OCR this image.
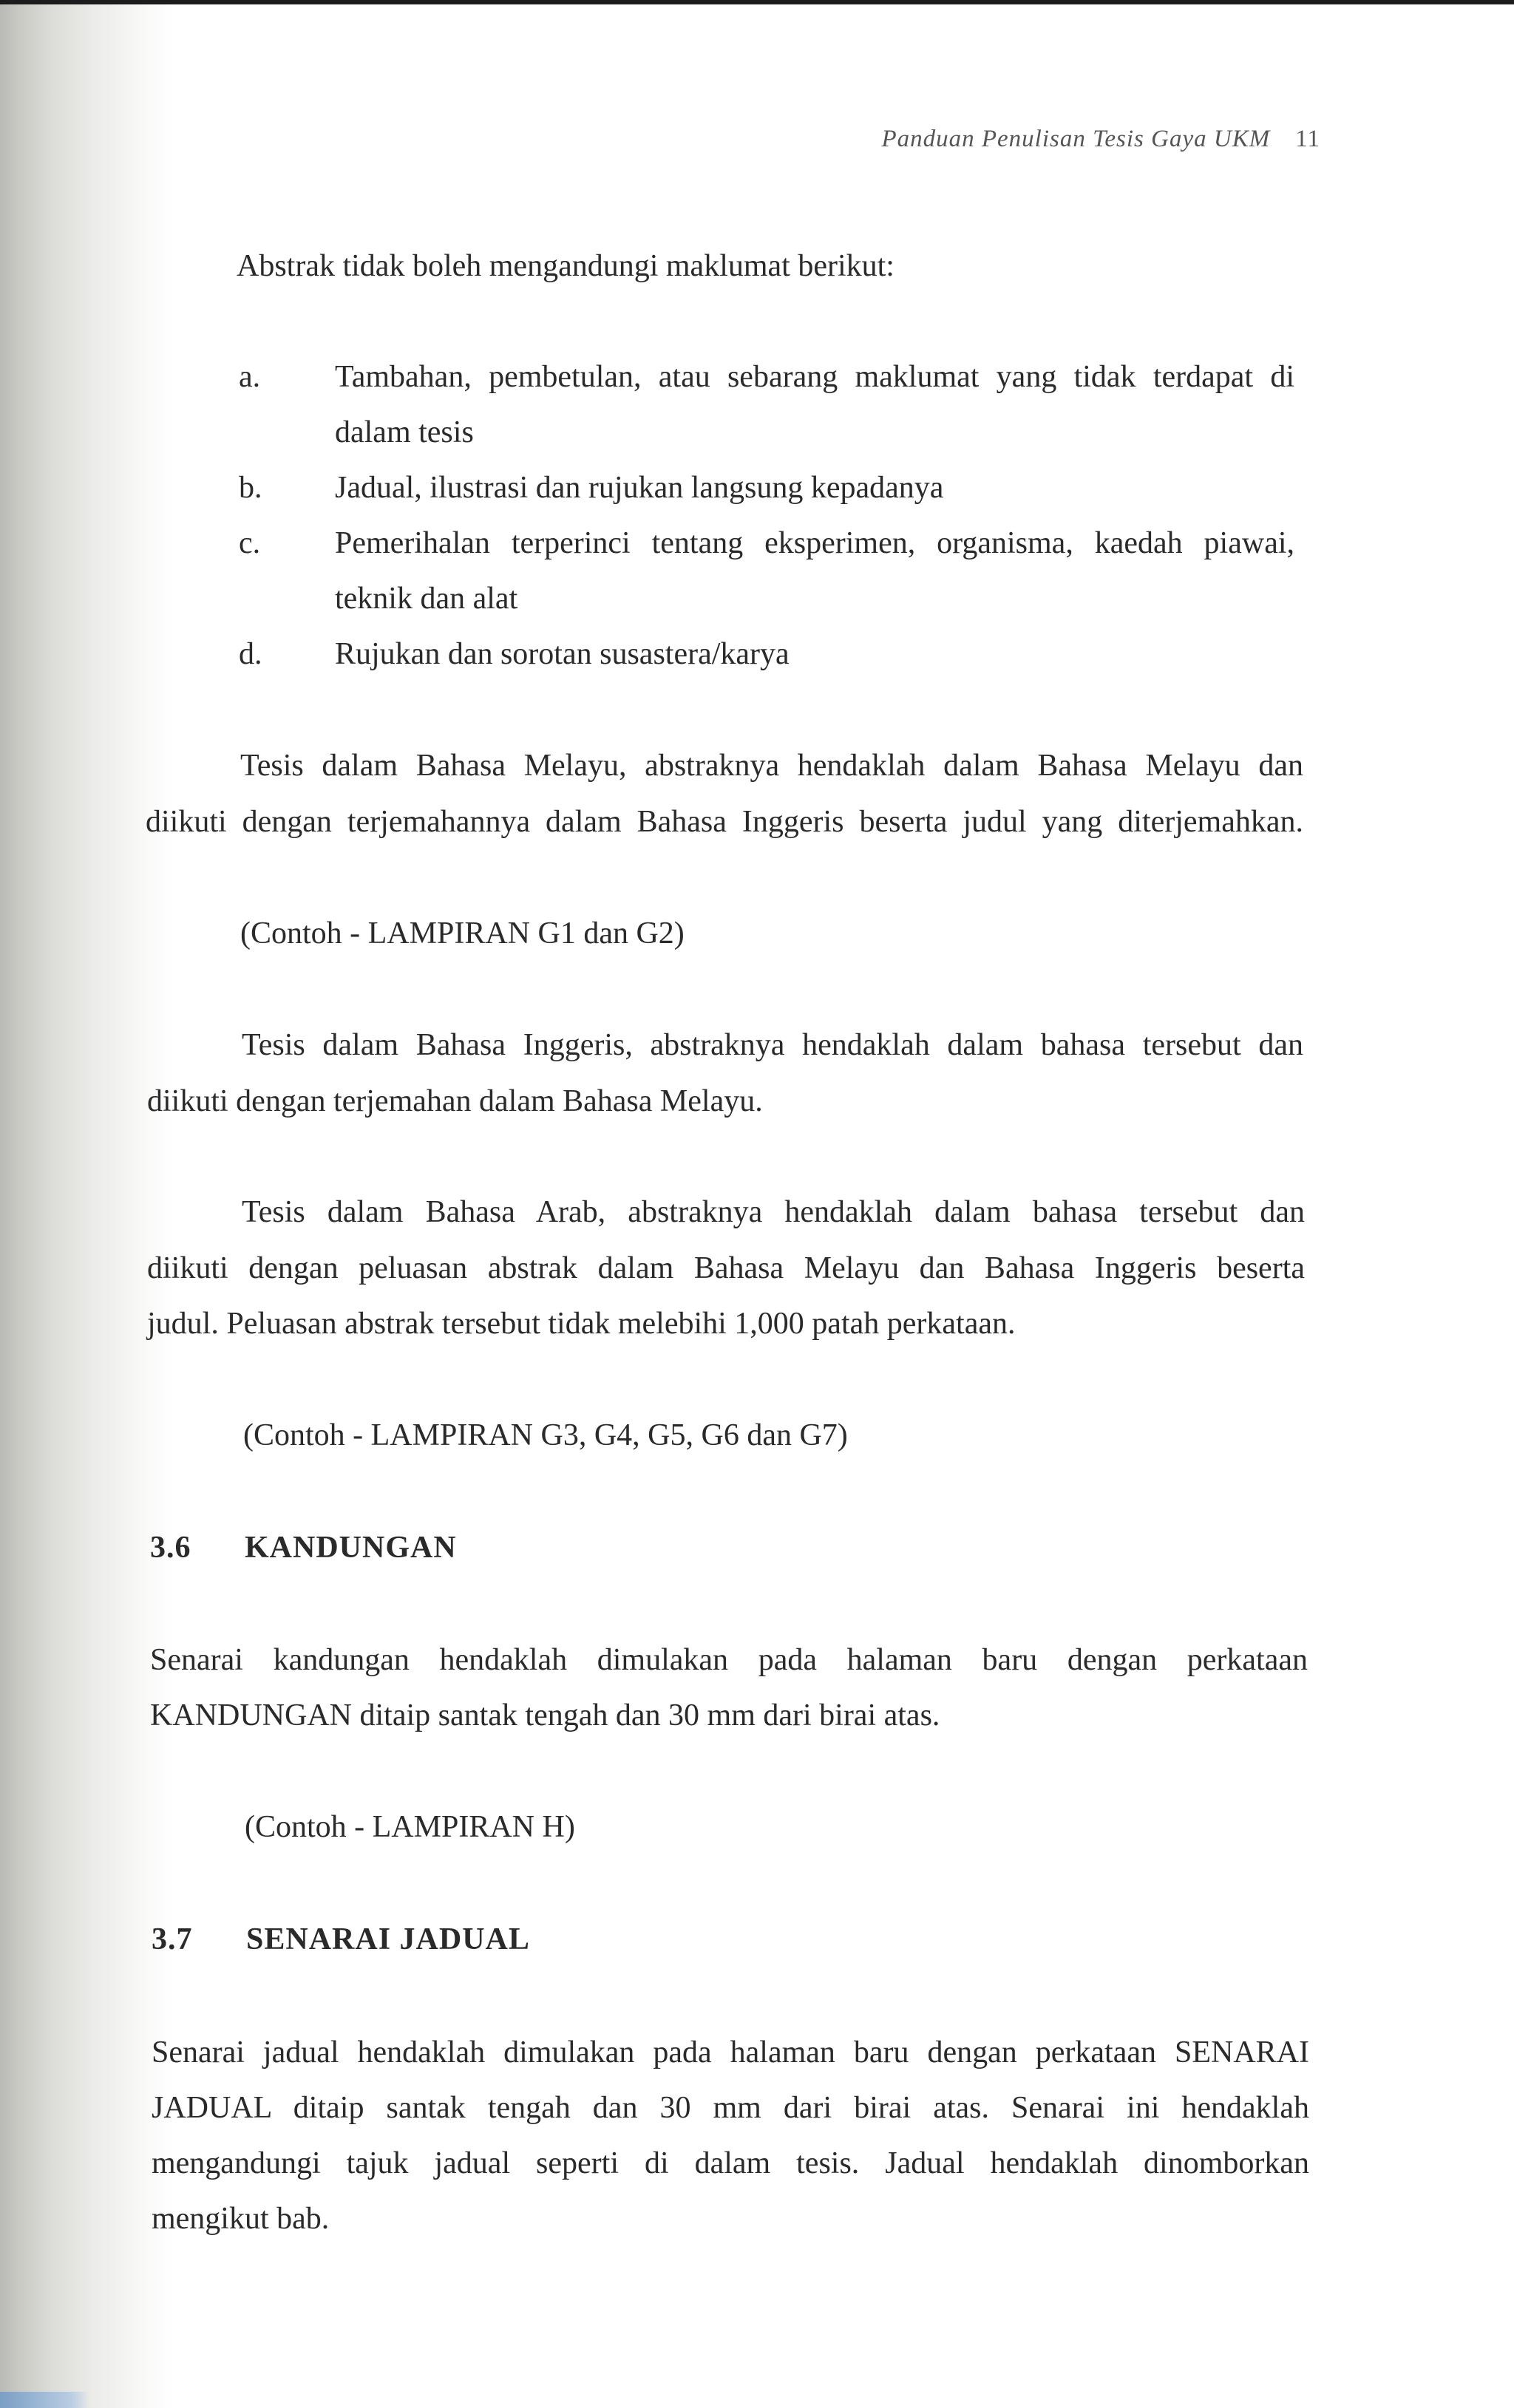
Panduan Penulisan Tesis Gaya UKM 11

Abstrak tidak boleh mengandungi maklumat berikut:

a. Tambahan, pembetulan, atau sebarang maklumat yang tidak terdapat di

dalam tesis

b. Jadual, ilustrasi dan rujukan langsung kepadanya

c. Pemerihalan terperinci tentang eksperimen, organisma, kaedah piawai,

teknik dan alat

d. Rujukan dan sorotan susastera/karya

Tesis dalam Bahasa Melayu, abstraknya hendaklah dalam Bahasa Melayu dan

diikuti dengan terjemahannya dalam Bahasa Inggeris beserta judul yang diterjemahkan.

(Contoh - LAMPIRAN G1 dan G2)

Tesis dalam Bahasa Inggeris, abstraknya hendaklah dalam bahasa tersebut dan

diikuti dengan terjemahan dalam Bahasa Melayu.

Tesis dalam Bahasa Arab, abstraknya hendaklah dalam bahasa tersebut dan

diikuti dengan peluasan abstrak dalam Bahasa Melayu dan Bahasa Inggeris beserta

judul. Peluasan abstrak tersebut tidak melebihi 1,000 patah perkataan.

(Contoh - LAMPIRAN G3, G4, G5, G6 dan G7)

3.6 KANDUNGAN

Senarai kandungan hendaklah dimulakan pada halaman baru dengan perkataan

KANDUNGAN ditaip santak tengah dan 30 mm dari birai atas.

(Contoh - LAMPIRAN H)

3.7 SENARAI JADUAL

Senarai jadual hendaklah dimulakan pada halaman baru dengan perkataan SENARAI

JADUAL ditaip santak tengah dan 30 mm dari birai atas. Senarai ini hendaklah

mengandungi tajuk jadual seperti di dalam tesis. Jadual hendaklah dinomborkan

mengikut bab.
